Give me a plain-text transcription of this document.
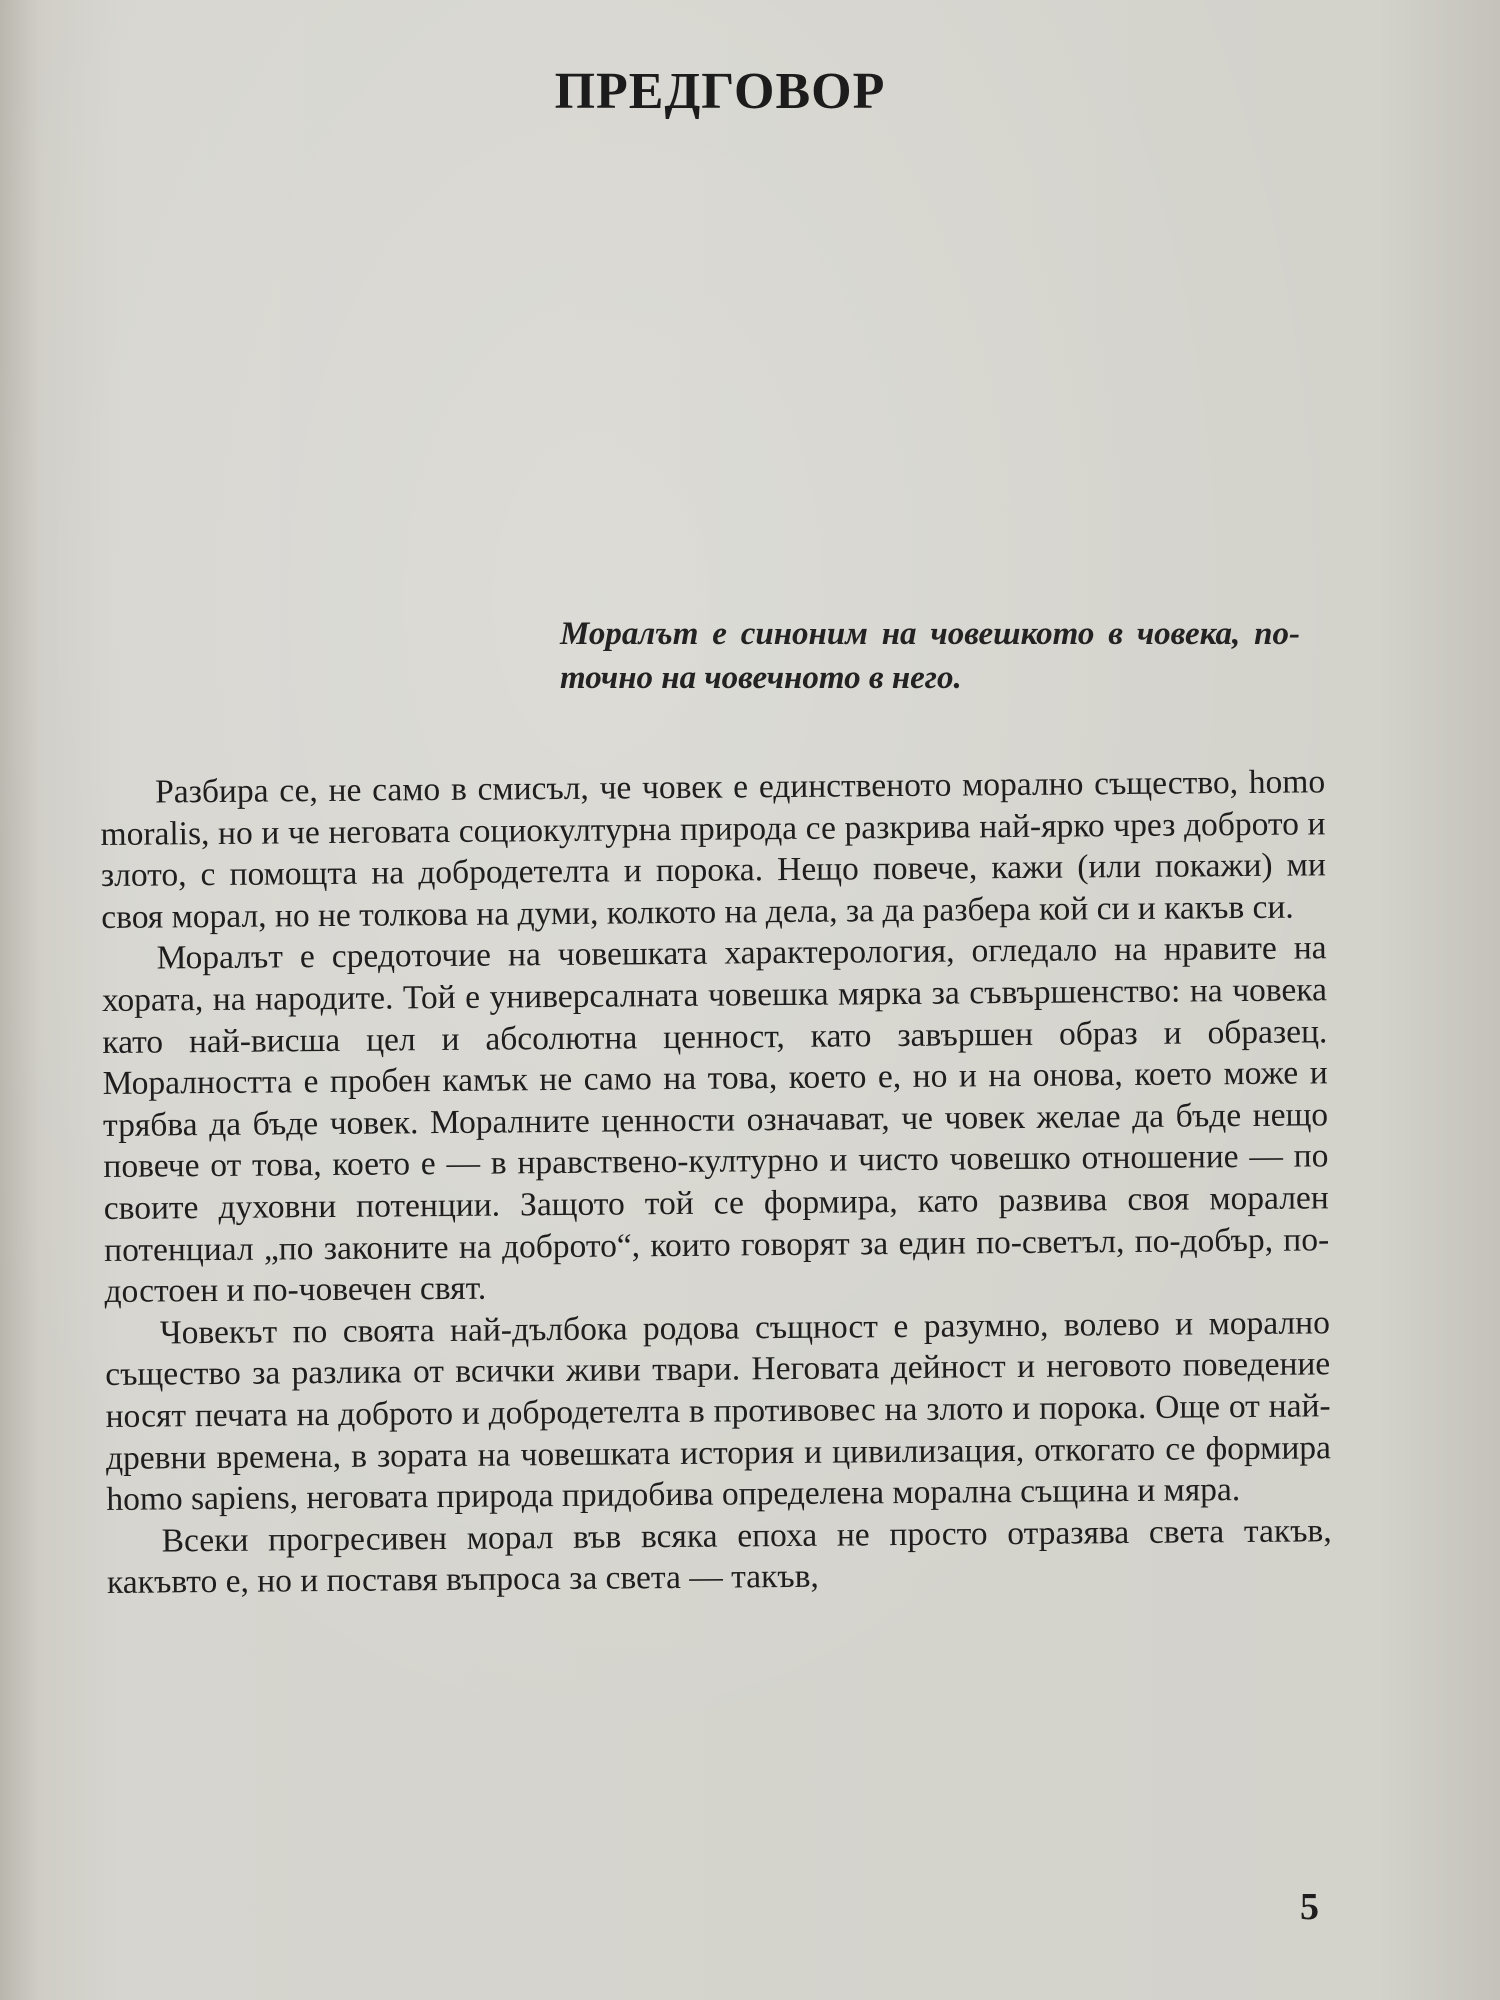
ПРЕДГОВОР
Моралът е синоним на човешкото в човека, по-точно на човечното в него.

Разбира се, не само в смисъл, че човек е единственото морално същество, homo moralis, но и че неговата социокултурна природа се разкрива най-ярко чрез доброто и злото, с помощта на добродетелта и порока. Нещо повече, кажи (или покажи) ми своя морал, но не толкова на думи, колкото на дела, за да разбера кой си и какъв си.

Моралът е средоточие на човешката характерология, огледало на нравите на хората, на народите. Той е универсалната човешка мярка за съвършенство: на човека като най-висша цел и абсолютна ценност, като завършен образ и образец. Моралността е пробен камък не само на това, което е, но и на онова, което може и трябва да бъде човек. Моралните ценности означават, че човек желае да бъде нещо повече от това, което е — в нравствено-културно и чисто човешко отношение — по своите духовни потенции. Защото той се формира, като развива своя морален потенциал „по законите на доброто“, които говорят за един по-светъл, по-добър, по-достоен и по-човечен свят.

Човекът по своята най-дълбока родова същност е разумно, волево и морално същество за разлика от всички живи твари. Неговата дейност и неговото поведение носят печата на доброто и добродетелта в противовес на злото и порока. Още от най-древни времена, в зората на човешката история и цивилизация, откогато се формира homo sapiens, неговата природа придобива определена морална същина и мяра.

Всеки прогресивен морал във всяка епоха не просто отразява света такъв, какъвто е, но и поставя въпроса за света — такъв,

5
